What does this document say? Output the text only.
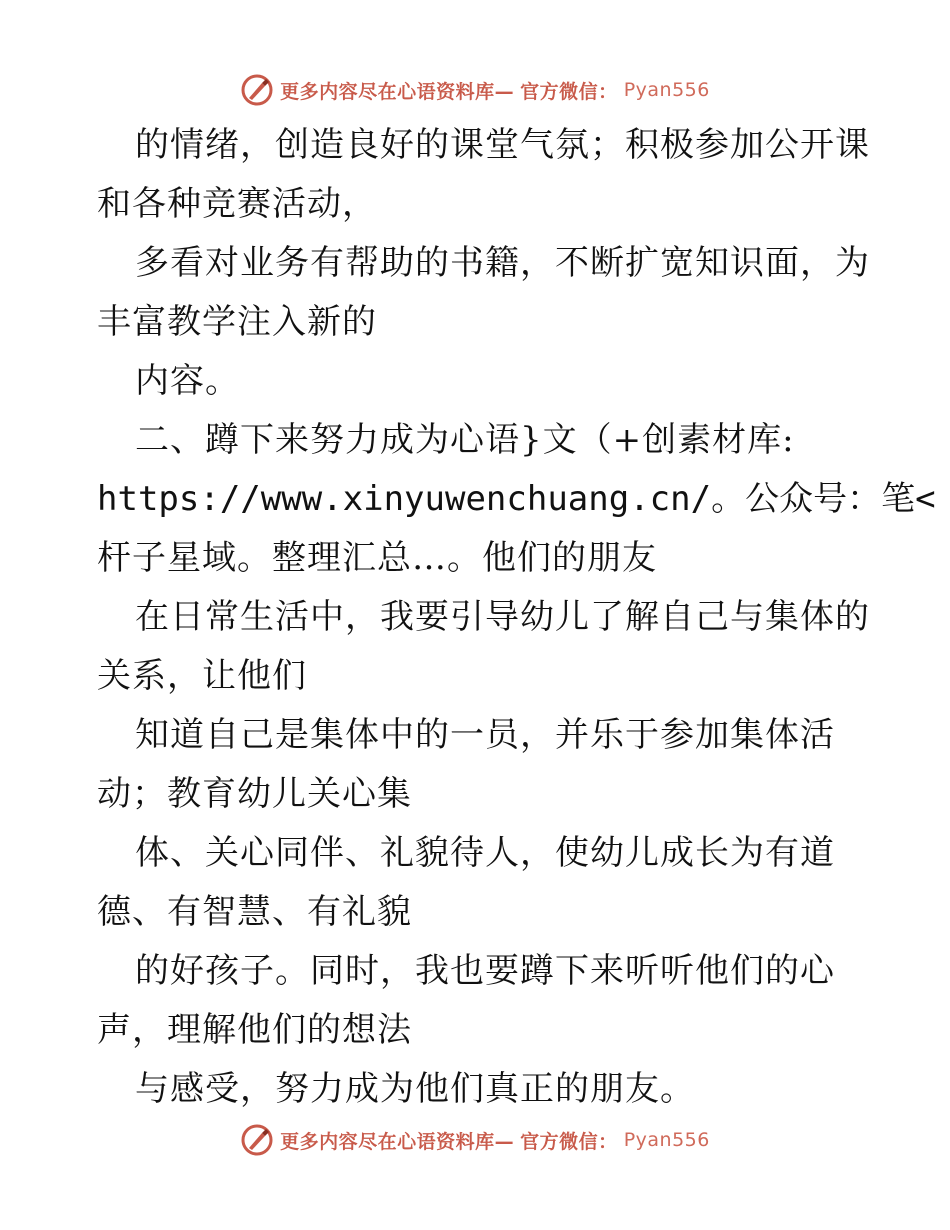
更多内容尽在心语资料库— 官方微信： Pyan556
的情绪，创造良好的课堂气氛；积极参加公开课
和各种竞赛活动，
多看对业务有帮助的书籍，不断扩宽知识面，为
丰富教学注入新的
内容。
二、蹲下来努力成为心语}文（+创素材库:
https://www.xinyuwenchuang.cn/。公众号：笔<
杆子星域。整理汇总…。他们的朋友
在日常生活中，我要引导幼儿了解自己与集体的
关系，让他们
知道自己是集体中的一员，并乐于参加集体活
动；教育幼儿关心集
体、关心同伴、礼貌待人，使幼儿成长为有道
德、有智慧、有礼貌
的好孩子。同时，我也要蹲下来听听他们的心
声，理解他们的想法
与感受，努力成为他们真正的朋友。
更多内容尽在心语资料库— 官方微信： Pyan556
